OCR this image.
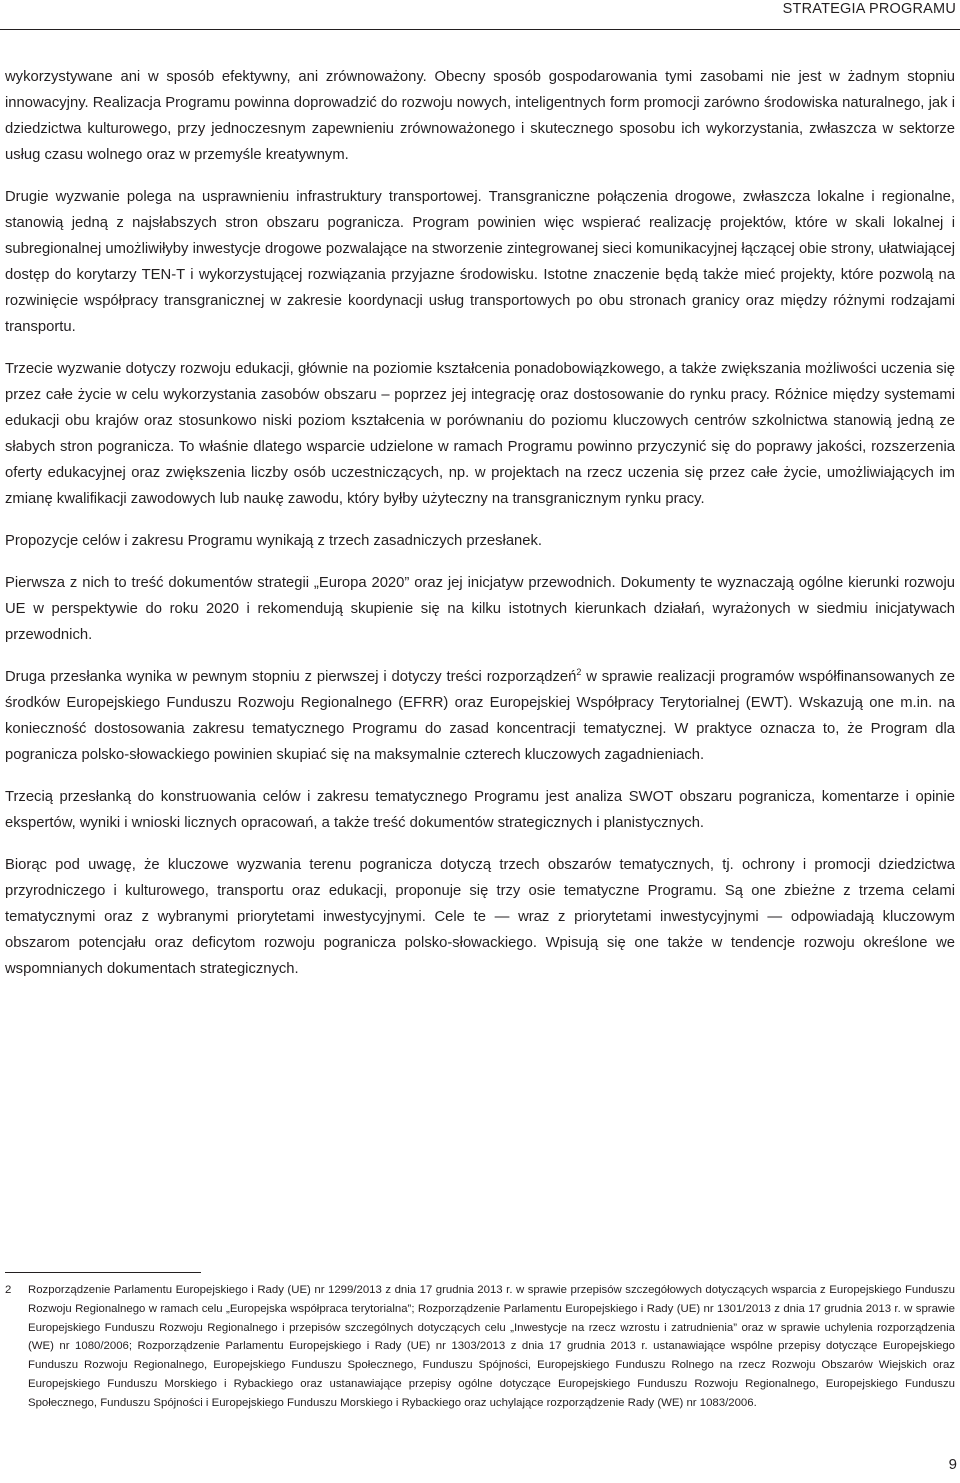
STRATEGIA PROGRAMU

wykorzystywane ani w sposób efektywny, ani zrównoważony. Obecny sposób gospodarowania tymi zasobami nie jest w żadnym stopniu innowacyjny. Realizacja Programu powinna doprowadzić do rozwoju nowych, inteligentnych form promocji zarówno środowiska naturalnego, jak i dziedzictwa kulturowego, przy jednoczesnym zapewnieniu zrównoważonego i skutecznego sposobu ich wykorzystania, zwłaszcza w sektorze usług czasu wolnego oraz w przemyśle kreatywnym.

Drugie wyzwanie polega na usprawnieniu infrastruktury transportowej. Transgraniczne połączenia drogowe, zwłaszcza lokalne i regionalne, stanowią jedną z najsłabszych stron obszaru pogranicza. Program powinien więc wspierać realizację projektów, które w skali lokalnej i subregionalnej umożliwiłyby inwestycje drogowe pozwalające na stworzenie zintegrowanej sieci komunikacyjnej łączącej obie strony, ułatwiającej dostęp do korytarzy TEN-T i wykorzystującej rozwiązania przyjazne środowisku. Istotne znaczenie będą także mieć projekty, które pozwolą na rozwinięcie współpracy transgranicznej w zakresie koordynacji usług transportowych po obu stronach granicy oraz między różnymi rodzajami transportu.

Trzecie wyzwanie dotyczy rozwoju edukacji, głównie na poziomie kształcenia ponadobowiązkowego, a także zwiększania możliwości uczenia się przez całe życie w celu wykorzystania zasobów obszaru – poprzez jej integrację oraz dostosowanie do rynku pracy. Różnice między systemami edukacji obu krajów oraz stosunkowo niski poziom kształcenia w porównaniu do poziomu kluczowych centrów szkolnictwa stanowią jedną ze słabych stron pogranicza. To właśnie dlatego wsparcie udzielone w ramach Programu powinno przyczynić się do poprawy jakości, rozszerzenia oferty edukacyjnej oraz zwiększenia liczby osób uczestniczących, np. w projektach na rzecz uczenia się przez całe życie, umożliwiających im zmianę kwalifikacji zawodowych lub naukę zawodu, który byłby użyteczny na transgranicznym rynku pracy.

Propozycje celów i zakresu Programu wynikają z trzech zasadniczych przesłanek.

Pierwsza z nich to treść dokumentów strategii „Europa 2020” oraz jej inicjatyw przewodnich. Dokumenty te wyznaczają ogólne kierunki rozwoju UE w perspektywie do roku 2020 i rekomendują skupienie się na kilku istotnych kierunkach działań, wyrażonych w siedmiu inicjatywach przewodnich.

Druga przesłanka wynika w pewnym stopniu z pierwszej i dotyczy treści rozporządzeń$^2$ w sprawie realizacji programów współfinansowanych ze środków Europejskiego Funduszu Rozwoju Regionalnego (EFRR) oraz Europejskiej Współpracy Terytorialnej (EWT). Wskazują one m.in. na konieczność dostosowania zakresu tematycznego Programu do zasad koncentracji tematycznej. W praktyce oznacza to, że Program dla pogranicza polsko-słowackiego powinien skupiać się na maksymalnie czterech kluczowych zagadnieniach.

Trzecią przesłanką do konstruowania celów i zakresu tematycznego Programu jest analiza SWOT obszaru pogranicza, komentarze i opinie ekspertów, wyniki i wnioski licznych opracowań, a także treść dokumentów strategicznych i planistycznych.

Biorąc pod uwagę, że kluczowe wyzwania terenu pogranicza dotyczą trzech obszarów tematycznych, tj. ochrony i promocji dziedzictwa przyrodniczego i kulturowego, transportu oraz edukacji, proponuje się trzy osie tematyczne Programu. Są one zbieżne z trzema celami tematycznymi oraz z wybranymi priorytetami inwestycyjnymi. Cele te — wraz z priorytetami inwestycyjnymi — odpowiadają kluczowym obszarom potencjału oraz deficytom rozwoju pogranicza polsko-słowackiego. Wpisują się one także w tendencje rozwoju określone we wspomnianych dokumentach strategicznych.

2 Rozporządzenie Parlamentu Europejskiego i Rady (UE) nr 1299/2013 z dnia 17 grudnia 2013 r. w sprawie przepisów szczegółowych dotyczących wsparcia z Europejskiego Funduszu Rozwoju Regionalnego w ramach celu „Europejska współpraca terytorialna”; Rozporządzenie Parlamentu Europejskiego i Rady (UE) nr 1301/2013 z dnia 17 grudnia 2013 r. w sprawie Europejskiego Funduszu Rozwoju Regionalnego i przepisów szczególnych dotyczących celu „Inwestycje na rzecz wzrostu i zatrudnienia” oraz w sprawie uchylenia rozporządzenia (WE) nr 1080/2006; Rozporządzenie Parlamentu Europejskiego i Rady (UE) nr 1303/2013 z dnia 17 grudnia 2013 r. ustanawiające wspólne przepisy dotyczące Europejskiego Funduszu Rozwoju Regionalnego, Europejskiego Funduszu Społecznego, Funduszu Spójności, Europejskiego Funduszu Rolnego na rzecz Rozwoju Obszarów Wiejskich oraz Europejskiego Funduszu Morskiego i Rybackiego oraz ustanawiające przepisy ogólne dotyczące Europejskiego Funduszu Rozwoju Regionalnego, Europejskiego Funduszu Społecznego, Funduszu Spójności i Europejskiego Funduszu Morskiego i Rybackiego oraz uchylające rozporządzenie Rady (WE) nr 1083/2006.
9
